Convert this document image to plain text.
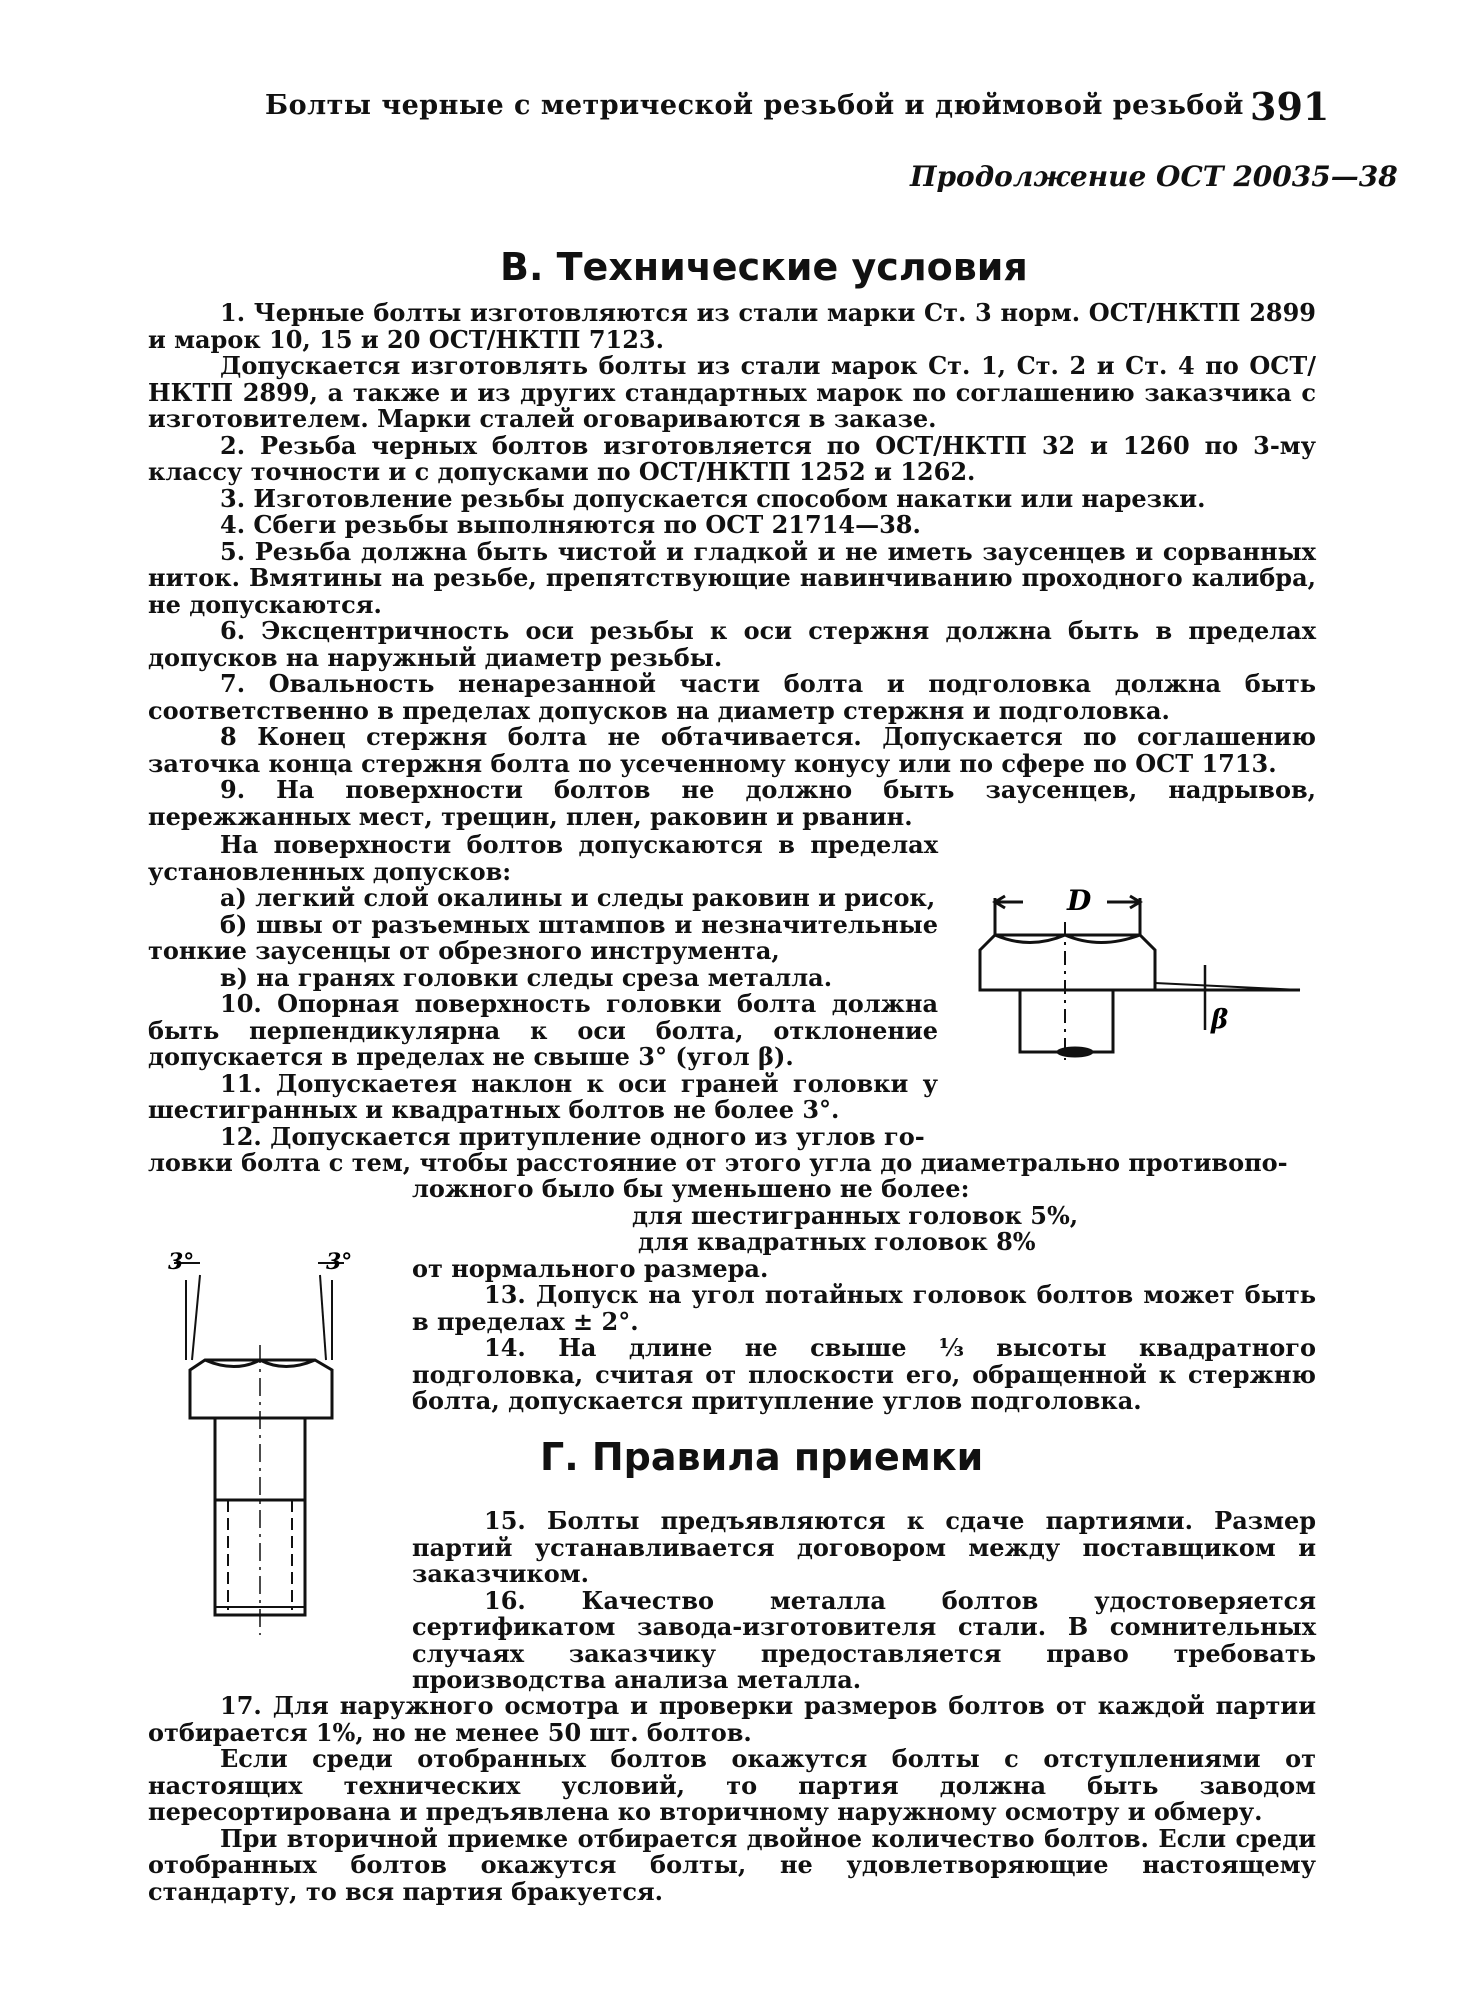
Болты черные с метрической резьбой и дюймовой резьбой 391
Продолжение ОСТ 20035—38
В. Технические условия

1. Черные болты изготовляются из стали марки Ст. 3 норм. ОСТ/НКТП 2899 и марок 10, 15 и 20 ОСТ/НКТП 7123.

Допускается изготовлять болты из стали марок Ст. 1, Ст. 2 и Ст. 4 по ОСТ/НКТП 2899, а также и из других стандартных марок по соглашению заказчика с изготовителем. Марки сталей оговариваются в заказе.

2. Резьба черных болтов изготовляется по ОСТ/НКТП 32 и 1260 по 3-му классу точности и с допусками по ОСТ/НКТП 1252 и 1262.

3. Изготовление резьбы допускается способом накатки или нарезки.

4. Сбеги резьбы выполняются по ОСТ 21714—38.

5. Резьба должна быть чистой и гладкой и не иметь заусенцев и сорванных ниток. Вмятины на резьбе, препятствующие навинчиванию проходного калибра, не допускаются.

6. Эксцентричность оси резьбы к оси стержня должна быть в пределах допусков на наружный диаметр резьбы.

7. Овальность ненарезанной части болта и подголовка должна быть соответственно в пределах допусков на диаметр стержня и подголовка.

8 Конец стержня болта не обтачивается. Допускается по соглашению заточка конца стержня болта по усеченному конусу или по сфере по ОСТ 1713.

9. На поверхности болтов не должно быть заусенцев, надрывов, пережжанных мест, трещин, плен, раковин и рванин.

На поверхности болтов допускаются в пределах установленных допусков:

а) легкий слой окалины и следы раковин и рисок,

б) швы от разъемных штампов и незначительные тонкие заусенцы от обрезного инструмента,

в) на гранях головки следы среза металла.

10. Опорная поверхность головки болта должна быть перпендикулярна к оси болта, отклонение допускается в пределах не свыше 3° (угол β).

11. Допускаетея наклон к оси граней головки у шестигранных и квадратных болтов не более 3°.

12. Допускается притупление одного из углов го-

ловки болта с тем, чтобы расстояние от этого угла до диаметрально противопо-

ложного было бы уменьшено не более:

для шестигранных головок 5%,

для квадратных головок 8%

от нормального размера.

13. Допуск на угол потайных головок болтов может быть в пределах ± 2°.

14. На длине не свыше ⅓ высоты квадратного подголовка, считая от плоскости его, обращенной к стержню болта, допускается притупление углов подголовка.

Г. Правила приемки

15. Болты предъявляются к сдаче партиями. Размер партий устанавливается договором между поставщиком и заказчиком.

16. Качество металла болтов удостоверяется сертификатом завода-изготовителя стали. В сомнительных случаях заказчику предоставляется право требовать производства анализа металла.

17. Для наружного осмотра и проверки размеров болтов от каждой партии отбирается 1%, но не менее 50 шт. болтов.

Если среди отобранных болтов окажутся болты с отступлениями от настоящих технических условий, то партия должна быть заводом пересортирована и предъявлена ко вторичному наружному осмотру и обмеру.

При вторичной приемке отбирается двойное количество болтов. Если среди отобранных болтов окажутся болты, не удовлетворяющие настоящему стандарту, то вся партия бракуется.

D
β
3°	3°
